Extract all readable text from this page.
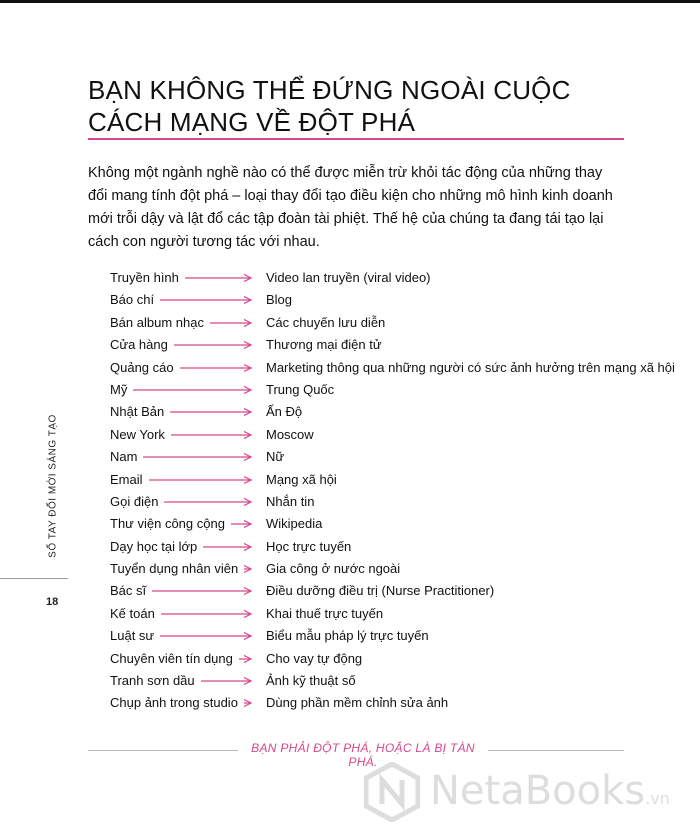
BẠN KHÔNG THỂ ĐỨNG NGOÀI CUỘC CÁCH MẠNG VỀ ĐỘT PHÁ

Không một ngành nghề nào có thể được miễn trừ khỏi tác động của những thay đổi mang tính đột phá – loại thay đổi tạo điều kiện cho những mô hình kinh doanh mới trỗi dậy và lật đổ các tập đoàn tài phiệt. Thế hệ của chúng ta đang tái tạo lại cách con người tương tác với nhau.

Truyền hình	Video lan truyền (viral video)
Báo chí	Blog
Bán album nhạc	Các chuyến lưu diễn
Cửa hàng	Thương mại điện tử
Quảng cáo	Marketing thông qua những người có sức ảnh hưởng trên mạng xã hội
Mỹ	Trung Quốc
Nhật Bản	Ấn Độ
New York	Moscow
Nam	Nữ
Email	Mạng xã hội
Gọi điện	Nhắn tin
Thư viện công cộng	Wikipedia
Dạy học tại lớp	Học trực tuyến
Tuyển dụng nhân viên	Gia công ở nước ngoài
Bác sĩ	Điều dưỡng điều trị (Nurse Practitioner)
Kế toán	Khai thuế trực tuyến
Luật sư	Biểu mẫu pháp lý trực tuyến
Chuyên viên tín dụng	Cho vay tự động
Tranh sơn dầu	Ảnh kỹ thuật số
Chụp ảnh trong studio	Dùng phần mềm chỉnh sửa ảnh
SỔ TAY ĐỔI MỚI SÁNG TẠO
18
BẠN PHẢI ĐỘT PHÁ, HOẶC LÀ BỊ TÀN PHÁ.
NetaBooks.vn
